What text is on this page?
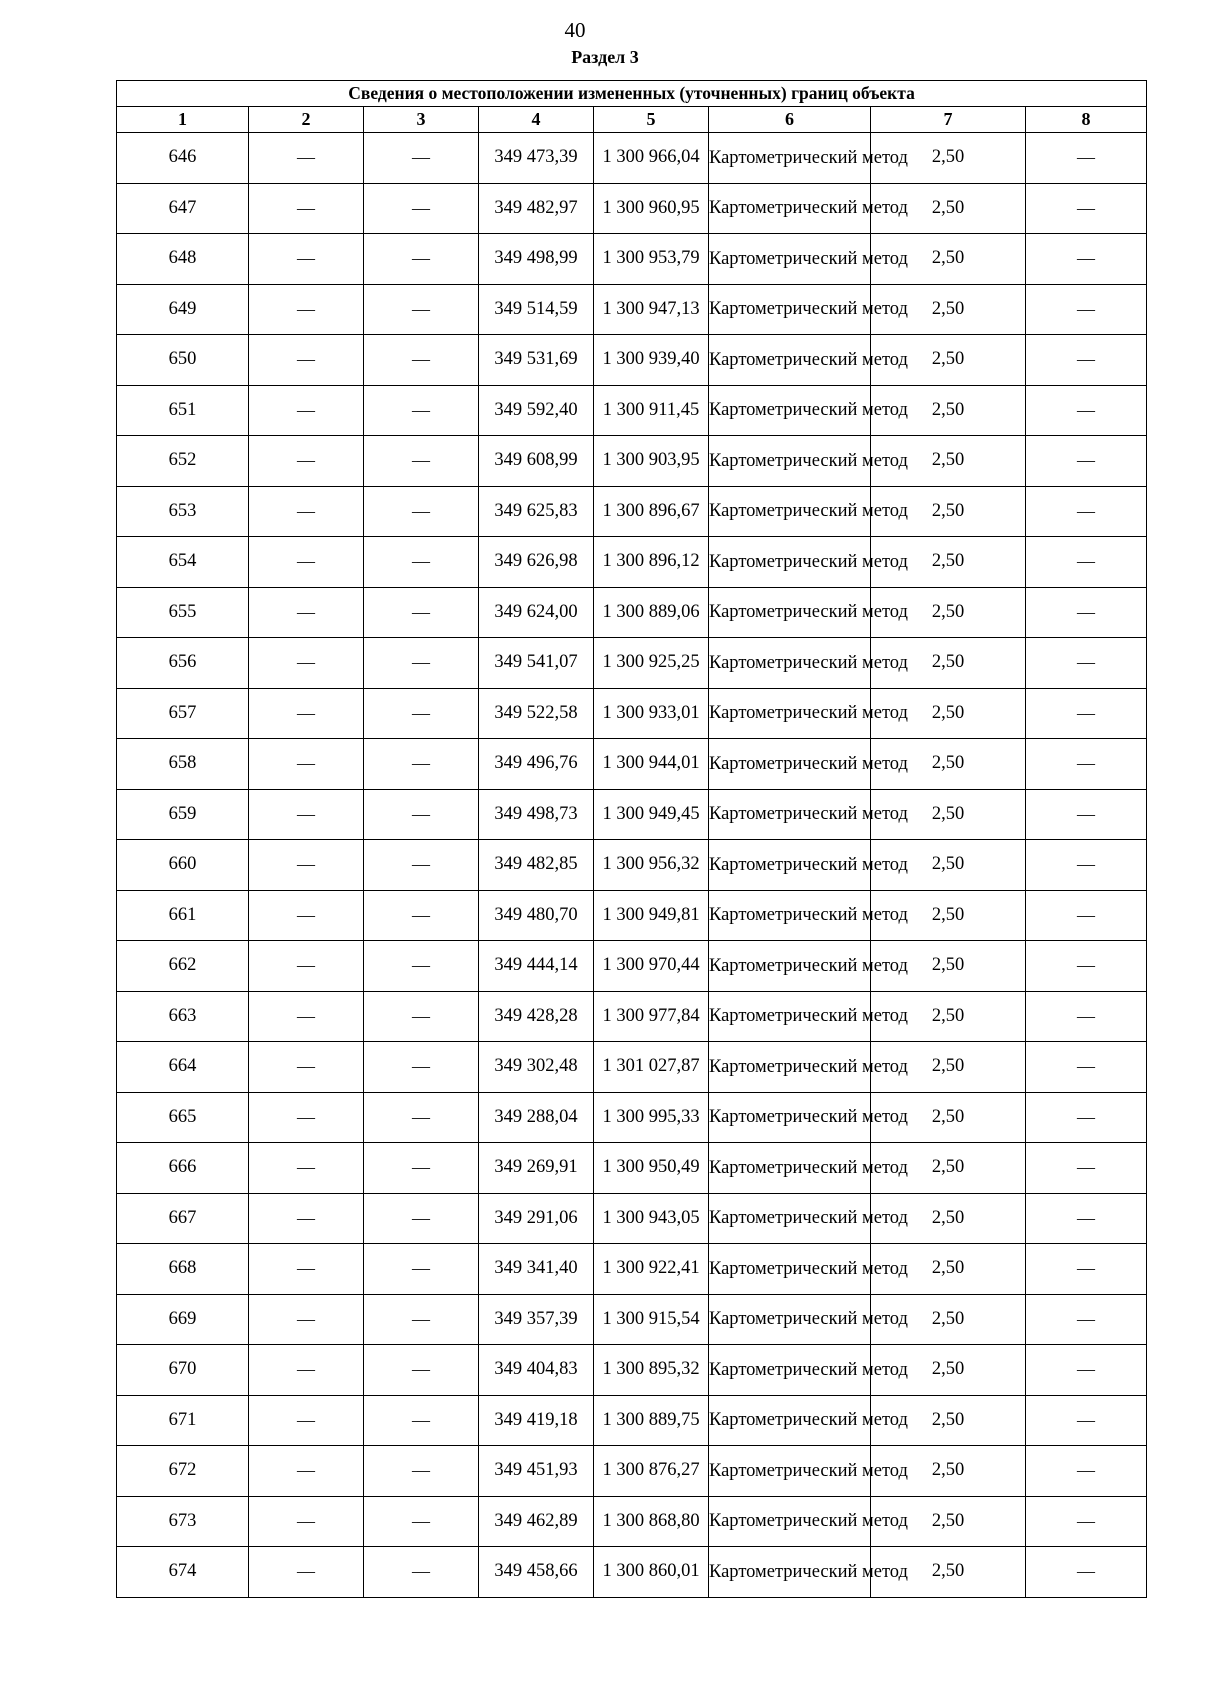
40
Раздел 3
Сведения о местоположении измененных (уточненных) границ объекта							
1	2	3	4	5	6	7	8
646	—	—	349 473,39	1 300 966,04	Картометрический метод	2,50	—
647	—	—	349 482,97	1 300 960,95	Картометрический метод	2,50	—
648	—	—	349 498,99	1 300 953,79	Картометрический метод	2,50	—
649	—	—	349 514,59	1 300 947,13	Картометрический метод	2,50	—
650	—	—	349 531,69	1 300 939,40	Картометрический метод	2,50	—
651	—	—	349 592,40	1 300 911,45	Картометрический метод	2,50	—
652	—	—	349 608,99	1 300 903,95	Картометрический метод	2,50	—
653	—	—	349 625,83	1 300 896,67	Картометрический метод	2,50	—
654	—	—	349 626,98	1 300 896,12	Картометрический метод	2,50	—
655	—	—	349 624,00	1 300 889,06	Картометрический метод	2,50	—
656	—	—	349 541,07	1 300 925,25	Картометрический метод	2,50	—
657	—	—	349 522,58	1 300 933,01	Картометрический метод	2,50	—
658	—	—	349 496,76	1 300 944,01	Картометрический метод	2,50	—
659	—	—	349 498,73	1 300 949,45	Картометрический метод	2,50	—
660	—	—	349 482,85	1 300 956,32	Картометрический метод	2,50	—
661	—	—	349 480,70	1 300 949,81	Картометрический метод	2,50	—
662	—	—	349 444,14	1 300 970,44	Картометрический метод	2,50	—
663	—	—	349 428,28	1 300 977,84	Картометрический метод	2,50	—
664	—	—	349 302,48	1 301 027,87	Картометрический метод	2,50	—
665	—	—	349 288,04	1 300 995,33	Картометрический метод	2,50	—
666	—	—	349 269,91	1 300 950,49	Картометрический метод	2,50	—
667	—	—	349 291,06	1 300 943,05	Картометрический метод	2,50	—
668	—	—	349 341,40	1 300 922,41	Картометрический метод	2,50	—
669	—	—	349 357,39	1 300 915,54	Картометрический метод	2,50	—
670	—	—	349 404,83	1 300 895,32	Картометрический метод	2,50	—
671	—	—	349 419,18	1 300 889,75	Картометрический метод	2,50	—
672	—	—	349 451,93	1 300 876,27	Картометрический метод	2,50	—
673	—	—	349 462,89	1 300 868,80	Картометрический метод	2,50	—
674	—	—	349 458,66	1 300 860,01	Картометрический метод	2,50	—
